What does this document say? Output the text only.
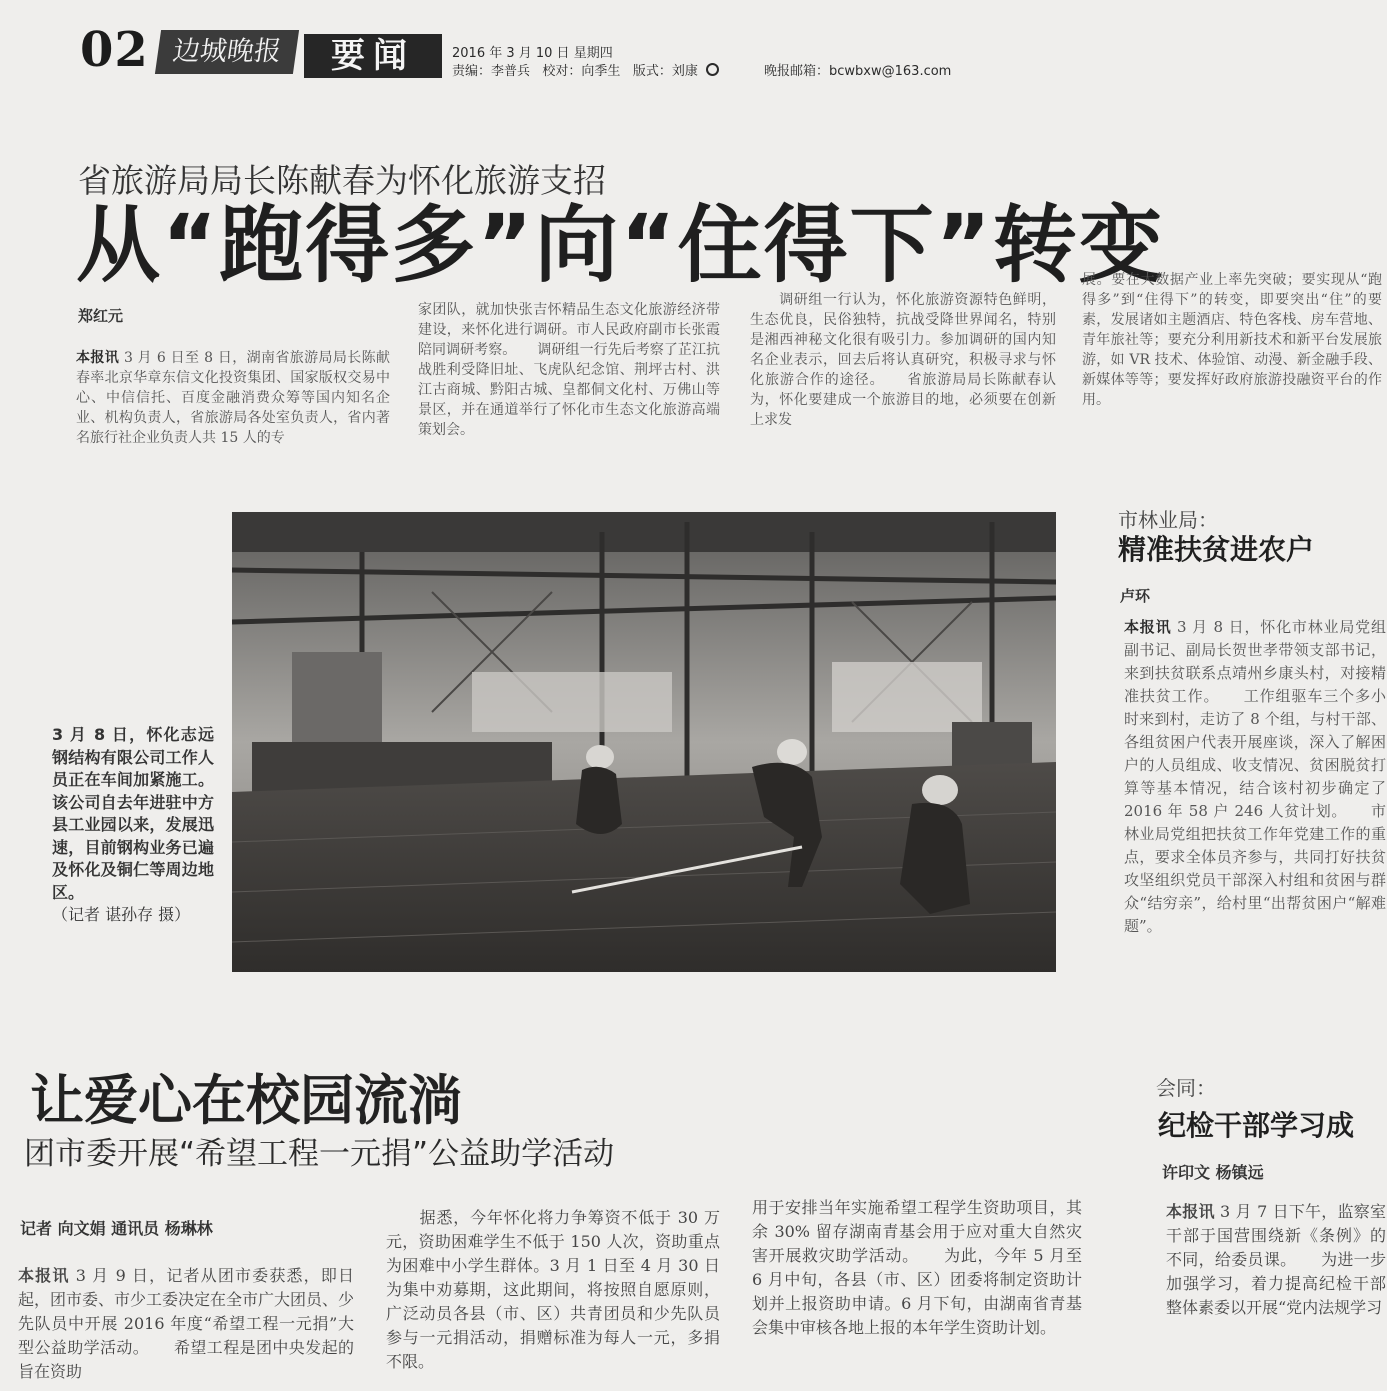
02 边城晚报	要闻	2016 年 3 月 10 日 星期四
责编：李普兵 校对：向季生 版式：刘康	晚报邮箱：bcwbxw@163.com
省旅游局局长陈献春为怀化旅游支招
从“跑得多”向“住得下”转变
郑红元
本报讯 3 月 6 日至 8 日，湖南省旅游局局长陈献春率北京华章东信文化投资集团、国家版权交易中心、中信信托、百度金融消费众筹等国内知名企业、机构负责人，省旅游局各处室负责人，省内著名旅行社企业负责人共 15 人的专
家团队，就加快张吉怀精品生态文化旅游经济带建设，来怀化进行调研。市人民政府副市长张霞陪同调研考察。　　调研组一行先后考察了芷江抗战胜利受降旧址、飞虎队纪念馆、荆坪古村、洪江古商城、黔阳古城、皇都侗文化村、万佛山等景区，并在通道举行了怀化市生态文化旅游高端策划会。
　　调研组一行认为，怀化旅游资源特色鲜明，生态优良，民俗独特，抗战受降世界闻名，特别是湘西神秘文化很有吸引力。参加调研的国内知名企业表示，回去后将认真研究，积极寻求与怀化旅游合作的途径。　　省旅游局局长陈献春认为，怀化要建成一个旅游目的地，必须要在创新上求发
展。要在大数据产业上率先突破；要实现从“跑得多”到“住得下”的转变，即要突出“住”的要素，发展诸如主题酒店、特色客栈、房车营地、青年旅社等；要充分利用新技术和新平台发展旅游，如 VR 技术、体验馆、动漫、新金融手段、新媒体等等；要发挥好政府旅游投融资平台的作用。
3 月 8 日，怀化志远钢结构有限公司工作人员正在车间加紧施工。该公司自去年进驻中方县工业园以来，发展迅速，目前钢构业务已遍及怀化及铜仁等周边地区。
（记者 谌孙存 摄）
市林业局：
精准扶贫进农户
卢环
本报讯 3 月 8 日，怀化市林业局党组副书记、副局长贺世孝带领支部书记，来到扶贫联系点靖州乡康头村，对接精准扶贫工作。　　工作组驱车三个多小时来到村，走访了 8 个组，与村干部、各组贫困户代表开展座谈，深入了解困户的人员组成、收支情况、贫困脱贫打算等基本情况，结合该村初步确定了 2016 年 58 户 246 人贫计划。　　市林业局党组把扶贫工作年党建工作的重点，要求全体员齐参与，共同打好扶贫攻坚组织党员干部深入村组和贫困与群众“结穷亲”，给村里“出帮贫困户“解难题”。
让爱心在校园流淌
团市委开展“希望工程一元捐”公益助学活动
记者 向文娟 通讯员 杨琳林
本报讯 3 月 9 日，记者从团市委获悉，即日起，团市委、市少工委决定在全市广大团员、少先队员中开展 2016 年度“希望工程一元捐”大型公益助学活动。　　希望工程是团中央发起的旨在资助
　　据悉，今年怀化将力争筹资不低于 30 万元，资助困难学生不低于 150 人次，资助重点为困难中小学生群体。3 月 1 日至 4 月 30 日为集中劝募期，这此期间，将按照自愿原则，广泛动员各县（市、区）共青团员和少先队员参与一元捐活动，捐赠标准为每人一元，多捐不限。
用于安排当年实施希望工程学生资助项目，其余 30% 留存湖南青基会用于应对重大自然灾害开展救灾助学活动。　　为此，今年 5 月至 6 月中旬，各县（市、区）团委将制定资助计划并上报资助申请。6 月下旬，由湖南省青基会集中审核各地上报的本年学生资助计划。
会同：
纪检干部学习成
许印文 杨镇远
本报讯 3 月 7 日下午，监察室干部于国营围绕新《条例》的不同，给委员课。　　为进一步加强学习，着力提高纪检干部整体素委以开展“党内法规学习
